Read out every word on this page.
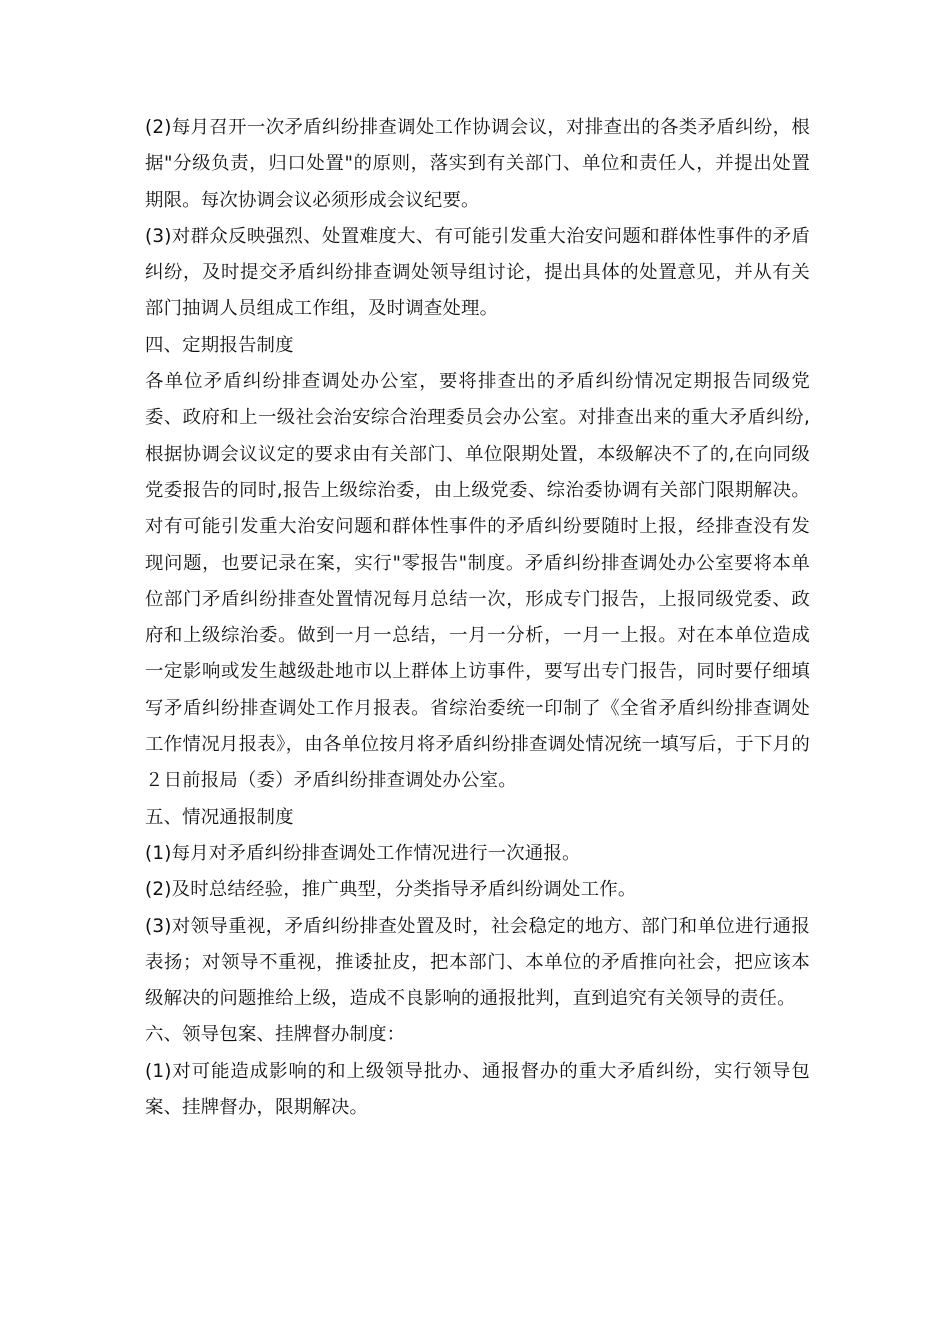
(2)每月召开一次矛盾纠纷排查调处工作协调会议，对排查出的各类矛盾纠纷，根据"分级负责，归口处置"的原则，落实到有关部门、单位和责任人，并提出处置期限。每次协调会议必须形成会议纪要。

(3)对群众反映强烈、处置难度大、有可能引发重大治安问题和群体性事件的矛盾纠纷，及时提交矛盾纠纷排查调处领导组讨论，提出具体的处置意见，并从有关部门抽调人员组成工作组，及时调查处理。

四、定期报告制度

各单位矛盾纠纷排查调处办公室，要将排查出的矛盾纠纷情况定期报告同级党委、政府和上一级社会治安综合治理委员会办公室。对排查出来的重大矛盾纠纷,根据协调会议议定的要求由有关部门、单位限期处置，本级解决不了的,在向同级党委报告的同时,报告上级综治委，由上级党委、综治委协调有关部门限期解决。对有可能引发重大治安问题和群体性事件的矛盾纠纷要随时上报，经排查没有发现问题，也要记录在案，实行"零报告"制度。矛盾纠纷排查调处办公室要将本单位部门矛盾纠纷排查处置情况每月总结一次，形成专门报告，上报同级党委、政府和上级综治委。做到一月一总结，一月一分析，一月一上报。对在本单位造成一定影响或发生越级赴地市以上群体上访事件，要写出专门报告，同时要仔细填写矛盾纠纷排查调处工作月报表。省综治委统一印制了《全省矛盾纠纷排查调处工作情况月报表》，由各单位按月将矛盾纠纷排查调处情况统一填写后，于下月的２日前报局（委）矛盾纠纷排查调处办公室。

五、情况通报制度

(1)每月对矛盾纠纷排查调处工作情况进行一次通报。

(2)及时总结经验，推广典型，分类指导矛盾纠纷调处工作。

(3)对领导重视，矛盾纠纷排查处置及时，社会稳定的地方、部门和单位进行通报表扬；对领导不重视，推诿扯皮，把本部门、本单位的矛盾推向社会，把应该本级解决的问题推给上级，造成不良影响的通报批判，直到追究有关领导的责任。

六、领导包案、挂牌督办制度：

(1)对可能造成影响的和上级领导批办、通报督办的重大矛盾纠纷，实行领导包案、挂牌督办，限期解决。
